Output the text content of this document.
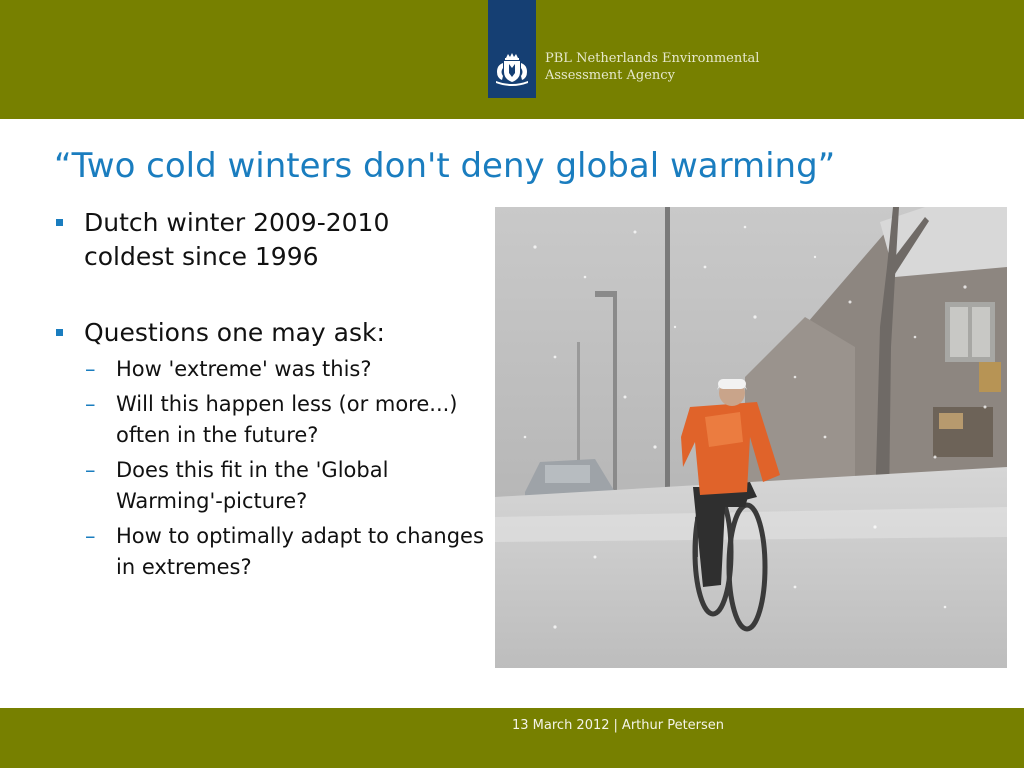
PBL Netherlands Environmental
Assessment Agency
“Two cold winters don't deny global warming”
Dutch winter 2009-2010 coldest since 1996
Questions one may ask:
– How 'extreme' was this?
– Will this happen less (or more...) often in the future?
– Does this fit in the 'Global Warming'-picture?
– How to optimally adapt to changes in extremes?
13 March 2012 | Arthur Petersen
